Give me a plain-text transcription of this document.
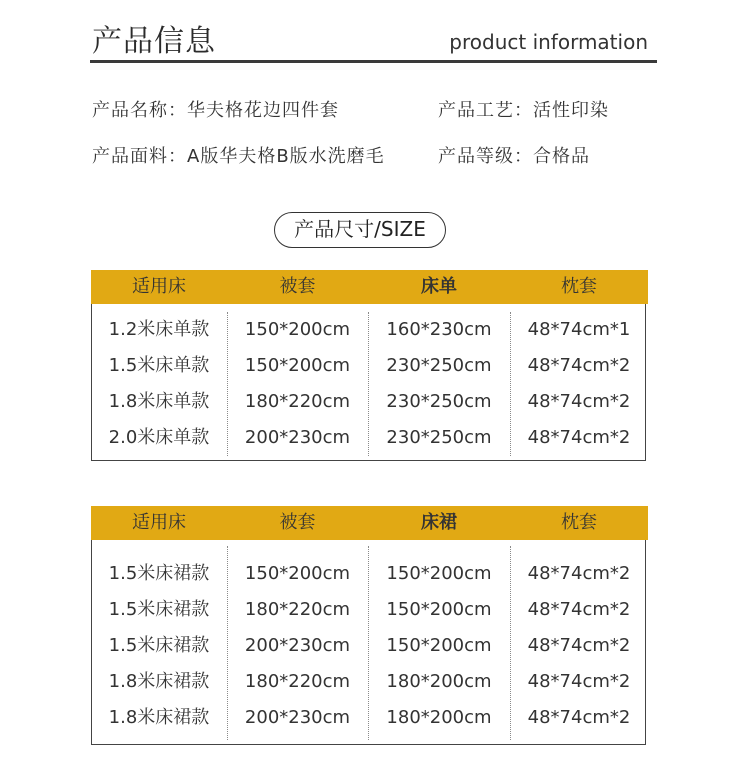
产品信息	product information
产品名称：华夫格花边四件套	产品工艺：活性印染
产品面料：A版华夫格B版水洗磨毛	产品等级：合格品
产品尺寸/SIZE
适用床	被套	床单	枕套
1.2米床单款	150*200cm	160*230cm	48*74cm*1
1.5米床单款	150*200cm	230*250cm	48*74cm*2
1.8米床单款	180*220cm	230*250cm	48*74cm*2
2.0米床单款	200*230cm	230*250cm	48*74cm*2
适用床	被套	床裙	枕套
1.5米床裙款	150*200cm	150*200cm	48*74cm*2
1.5米床裙款	180*220cm	150*200cm	48*74cm*2
1.5米床裙款	200*230cm	150*200cm	48*74cm*2
1.8米床裙款	180*220cm	180*200cm	48*74cm*2
1.8米床裙款	200*230cm	180*200cm	48*74cm*2
